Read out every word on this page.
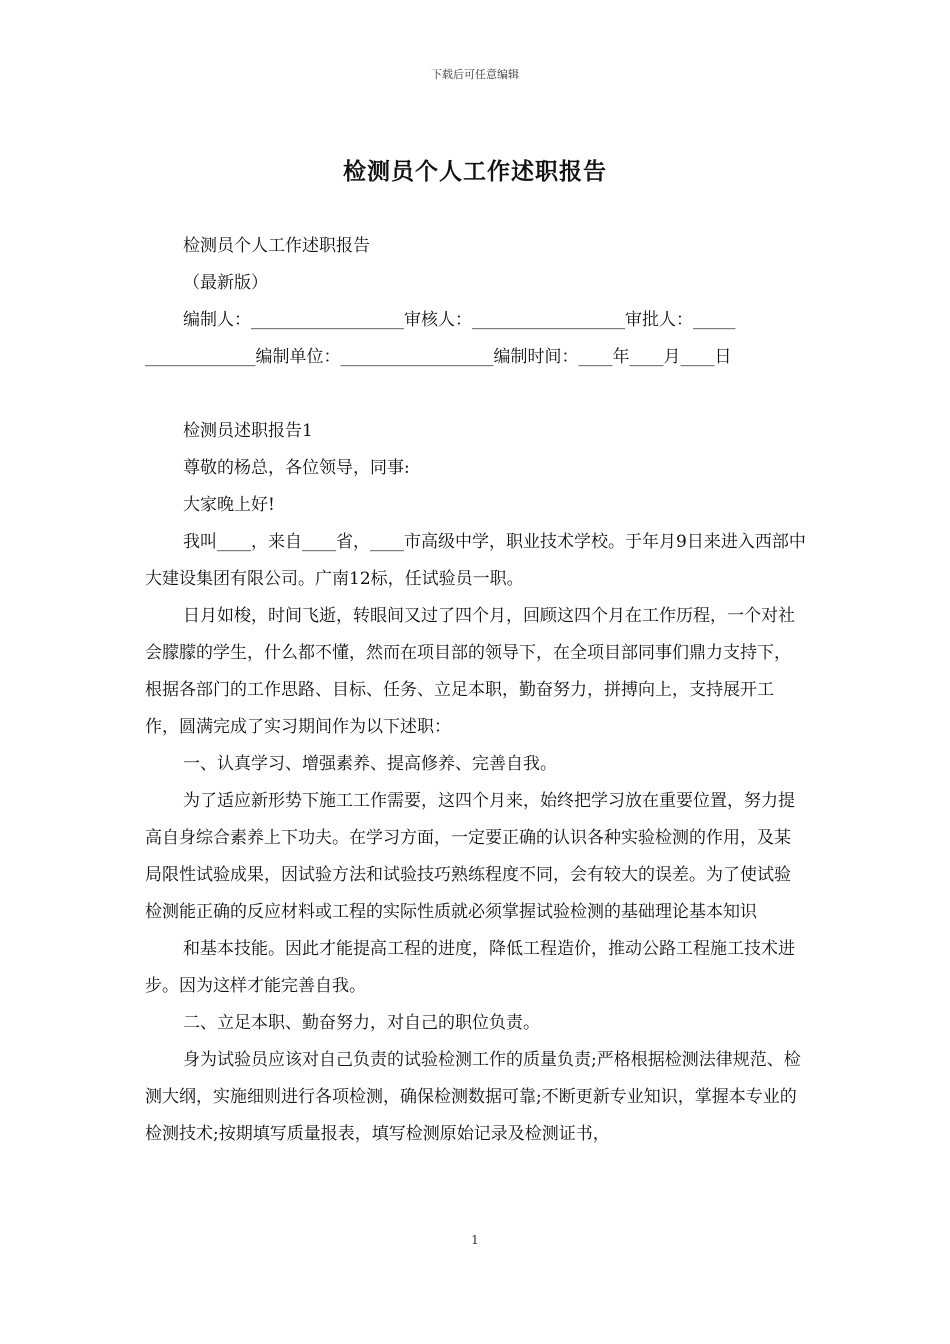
下载后可任意编辑
检测员个人工作述职报告

检测员个人工作述职报告

（最新版）

编制人：__________________审核人：__________________审批人：_____

_____________编制单位：__________________编制时间：____年____月____日

检测员述职报告1

尊敬的杨总，各位领导，同事:

大家晚上好!

我叫____，来自____省，____市高级中学，职业技术学校。于年月9日来进入西部中大建设集团有限公司。广南12标，任试验员一职。

日月如梭，时间飞逝，转眼间又过了四个月，回顾这四个月在工作历程，一个对社会朦朦的学生，什么都不懂，然而在项目部的领导下，在全项目部同事们鼎力支持下，根据各部门的工作思路、目标、任务、立足本职，勤奋努力，拼搏向上，支持展开工作，圆满完成了实习期间作为以下述职：

一、认真学习、增强素养、提高修养、完善自我。

为了适应新形势下施工工作需要，这四个月来，始终把学习放在重要位置，努力提高自身综合素养上下功夫。在学习方面，一定要正确的认识各种实验检测的作用，及某局限性试验成果，因试验方法和试验技巧熟练程度不同，会有较大的误差。为了使试验检测能正确的反应材料或工程的实际性质就必须掌握试验检测的基础理论基本知识

和基本技能。因此才能提高工程的进度，降低工程造价，推动公路工程施工技术进步。因为这样才能完善自我。

二、立足本职、勤奋努力，对自己的职位负责。

身为试验员应该对自己负责的试验检测工作的质量负责;严格根据检测法律规范、检测大纲，实施细则进行各项检测，确保检测数据可靠;不断更新专业知识，掌握本专业的检测技术;按期填写质量报表，填写检测原始记录及检测证书，

1
